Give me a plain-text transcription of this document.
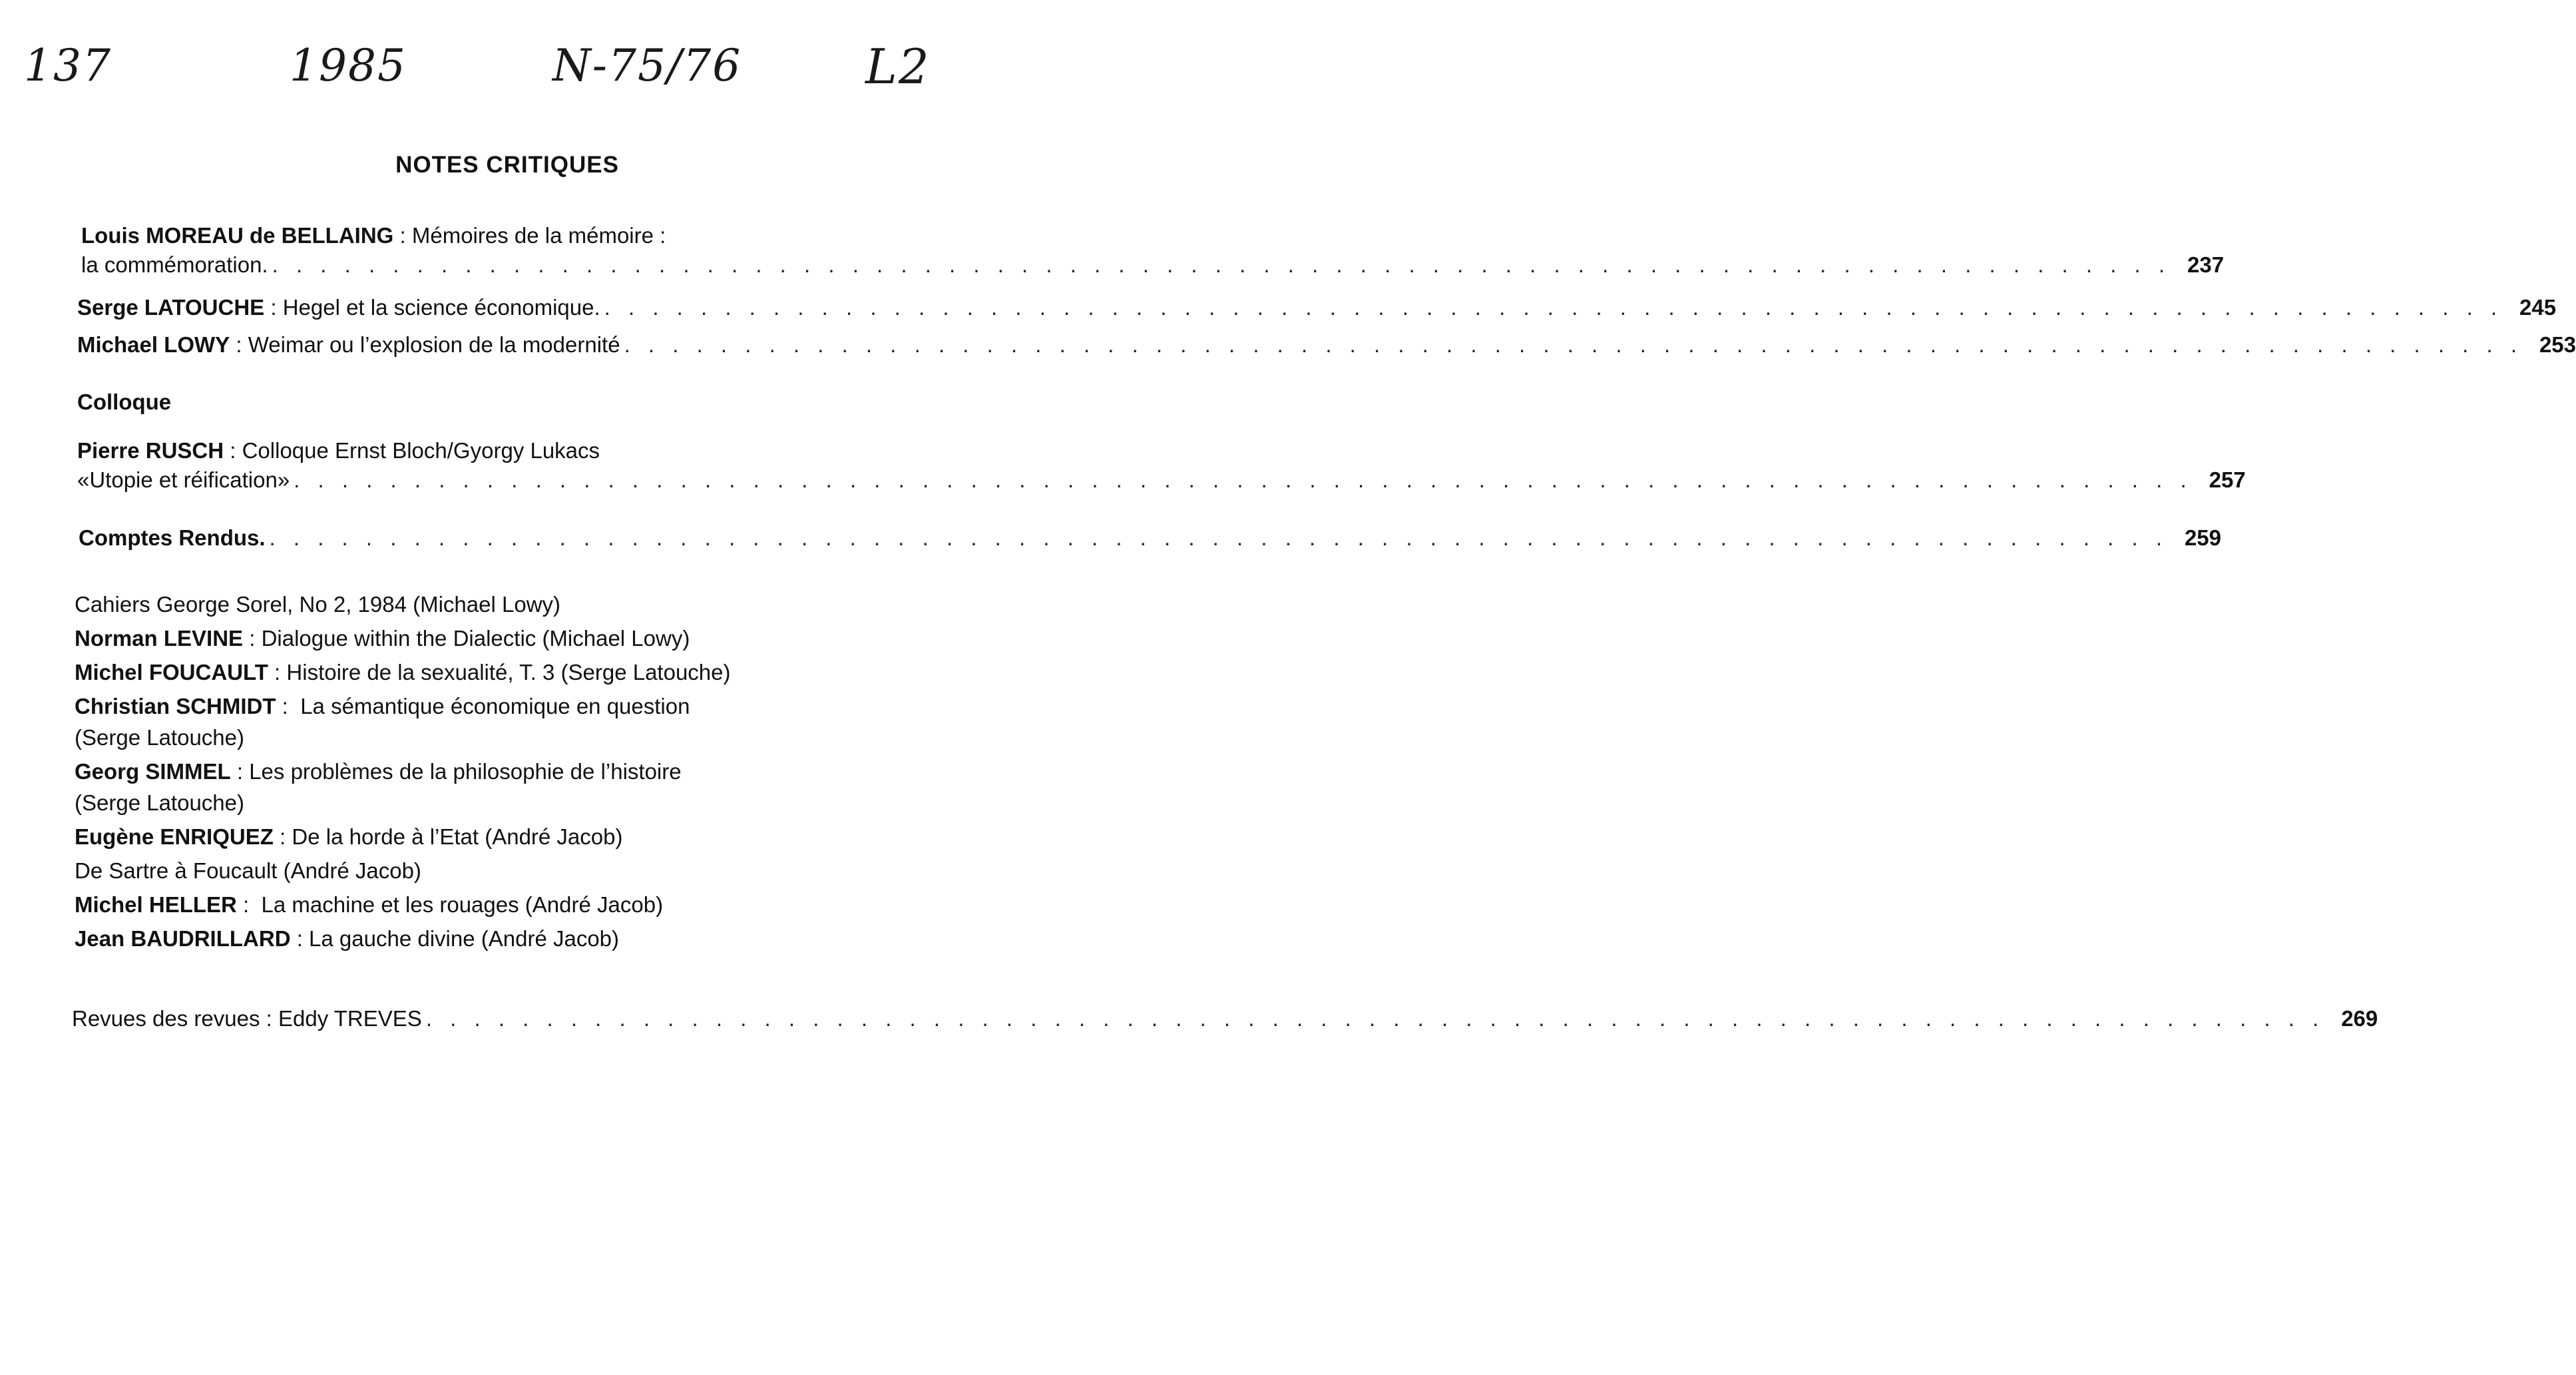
137	1985	N-75/76	L2
NOTES CRITIQUES
Louis MOREAU de BELLAING : Mémoires de la mémoire :
la commémoration. . . . . . . . . . . . . . . . . . . . . . . . . . . . . . . . . . . . . . . . . . . . . . . . . . . . . . . . . . . . . . . . . . . . . . . . . . . . . . . . 237
Serge LATOUCHE : Hegel et la science économique. . . . . . . . . . . . . . . . . . . . . . . . . . . . . . . . . . . . . . . . . . . . . . . . . . . . . . . . . . . . . . . . . . . . . . . . . . . . . . . . 245
Michael LOWY : Weimar ou l’explosion de la modernité . . . . . . . . . . . . . . . . . . . . . . . . . . . . . . . . . . . . . . . . . . . . . . . . . . . . . . . . . . . . . . . . . . . . . . . . . . . . . . . 253
Colloque
Pierre RUSCH : Colloque Ernst Bloch/Gyorgy Lukacs
«Utopie et réification» . . . . . . . . . . . . . . . . . . . . . . . . . . . . . . . . . . . . . . . . . . . . . . . . . . . . . . . . . . . . . . . . . . . . . . . . . . . . . . . 257
Comptes Rendus. . . . . . . . . . . . . . . . . . . . . . . . . . . . . . . . . . . . . . . . . . . . . . . . . . . . . . . . . . . . . . . . . . . . . . . . . . . . . . . . 259
Cahiers George Sorel, No 2, 1984 (Michael Lowy)
Norman LEVINE : Dialogue within the Dialectic (Michael Lowy)
Michel FOUCAULT : Histoire de la sexualité, T. 3 (Serge Latouche)
Christian SCHMIDT :  La sémantique économique en question
(Serge Latouche)
Georg SIMMEL : Les problèmes de la philosophie de l’histoire
(Serge Latouche)
Eugène ENRIQUEZ : De la horde à l’Etat (André Jacob)
De Sartre à Foucault (André Jacob)
Michel HELLER :  La machine et les rouages (André Jacob)
Jean BAUDRILLARD : La gauche divine (André Jacob)
Revues des revues : Eddy TREVES . . . . . . . . . . . . . . . . . . . . . . . . . . . . . . . . . . . . . . . . . . . . . . . . . . . . . . . . . . . . . . . . . . . . . . . . . . . . . . . 269
